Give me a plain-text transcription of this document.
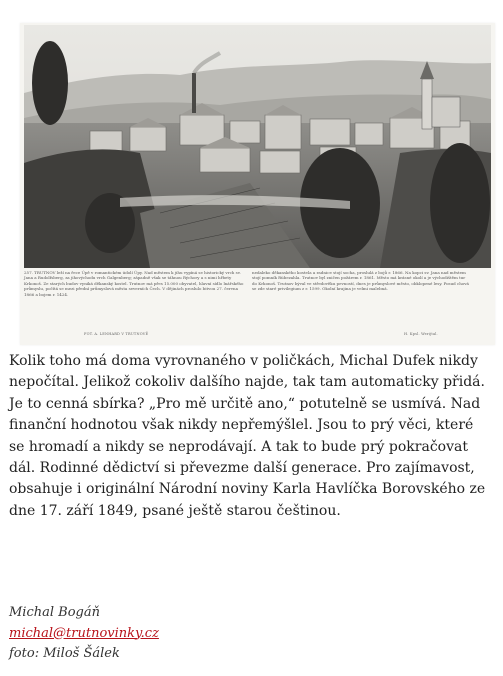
257. TRUTNOV leží na řece Úpě v romantickém údolí Úpy. Nad městem k jihu vypíná se historický vrch sv. Jana a Rudolfsberg, za jihovýchodu vrch Galgenberg; západně však se táhnou Rýchory a s nimi hřbety Krkonoš. Ze starých budov vyniká děkanský kostel. Trutnov má přes 15.000 obyvatel, hlavní sídlo lnářského průmyslu, počítá se mezi přední průmyslová města severních Čech. V dějinách proslulo bitvou 27. června 1866 a bojem r. 1424.
nedaleko děkanského kostela a radnice stojí socha, proslulá z bojů r. 1866. Na kopci sv. Jana nad městem stojí pomník Rübezahla. Trutnov byl zničen požárem r. 1861. Město má krásné okolí a je východištěm tur do Krkonoš. Trutnov býval ve středověku pevností, dnes je průmyslové město, obklopené lesy. Posud chová se zde staré privilegium z r. 1599. Okolní krajina je velmi malebná.
FOT. A. LENHARD V TRUTNOVĚ	H. Kpsl. Werijtal.

Kolik toho má doma vyrovnaného v poličkách, Michal Dufek nikdy nepočítal. Jelikož cokoliv dalšího najde, tak tam automaticky přidá. Je to cenná sbírka? „Pro mě určitě ano,“ potutelně se usmívá. Nad finanční hodnotou však nikdy nepřemýšlel. Jsou to prý věci, které se hromadí a nikdy se neprodávají. A tak to bude prý pokračovat dál. Rodinné dědictví si převezme další generace. Pro zajímavost, obsahuje i originální Národní noviny Karla Havlíčka Borovského ze dne 17. září 1849, psané ještě starou češtinou.

Michal Bogáň
michal@trutnovinky.cz
foto: Miloš Šálek
